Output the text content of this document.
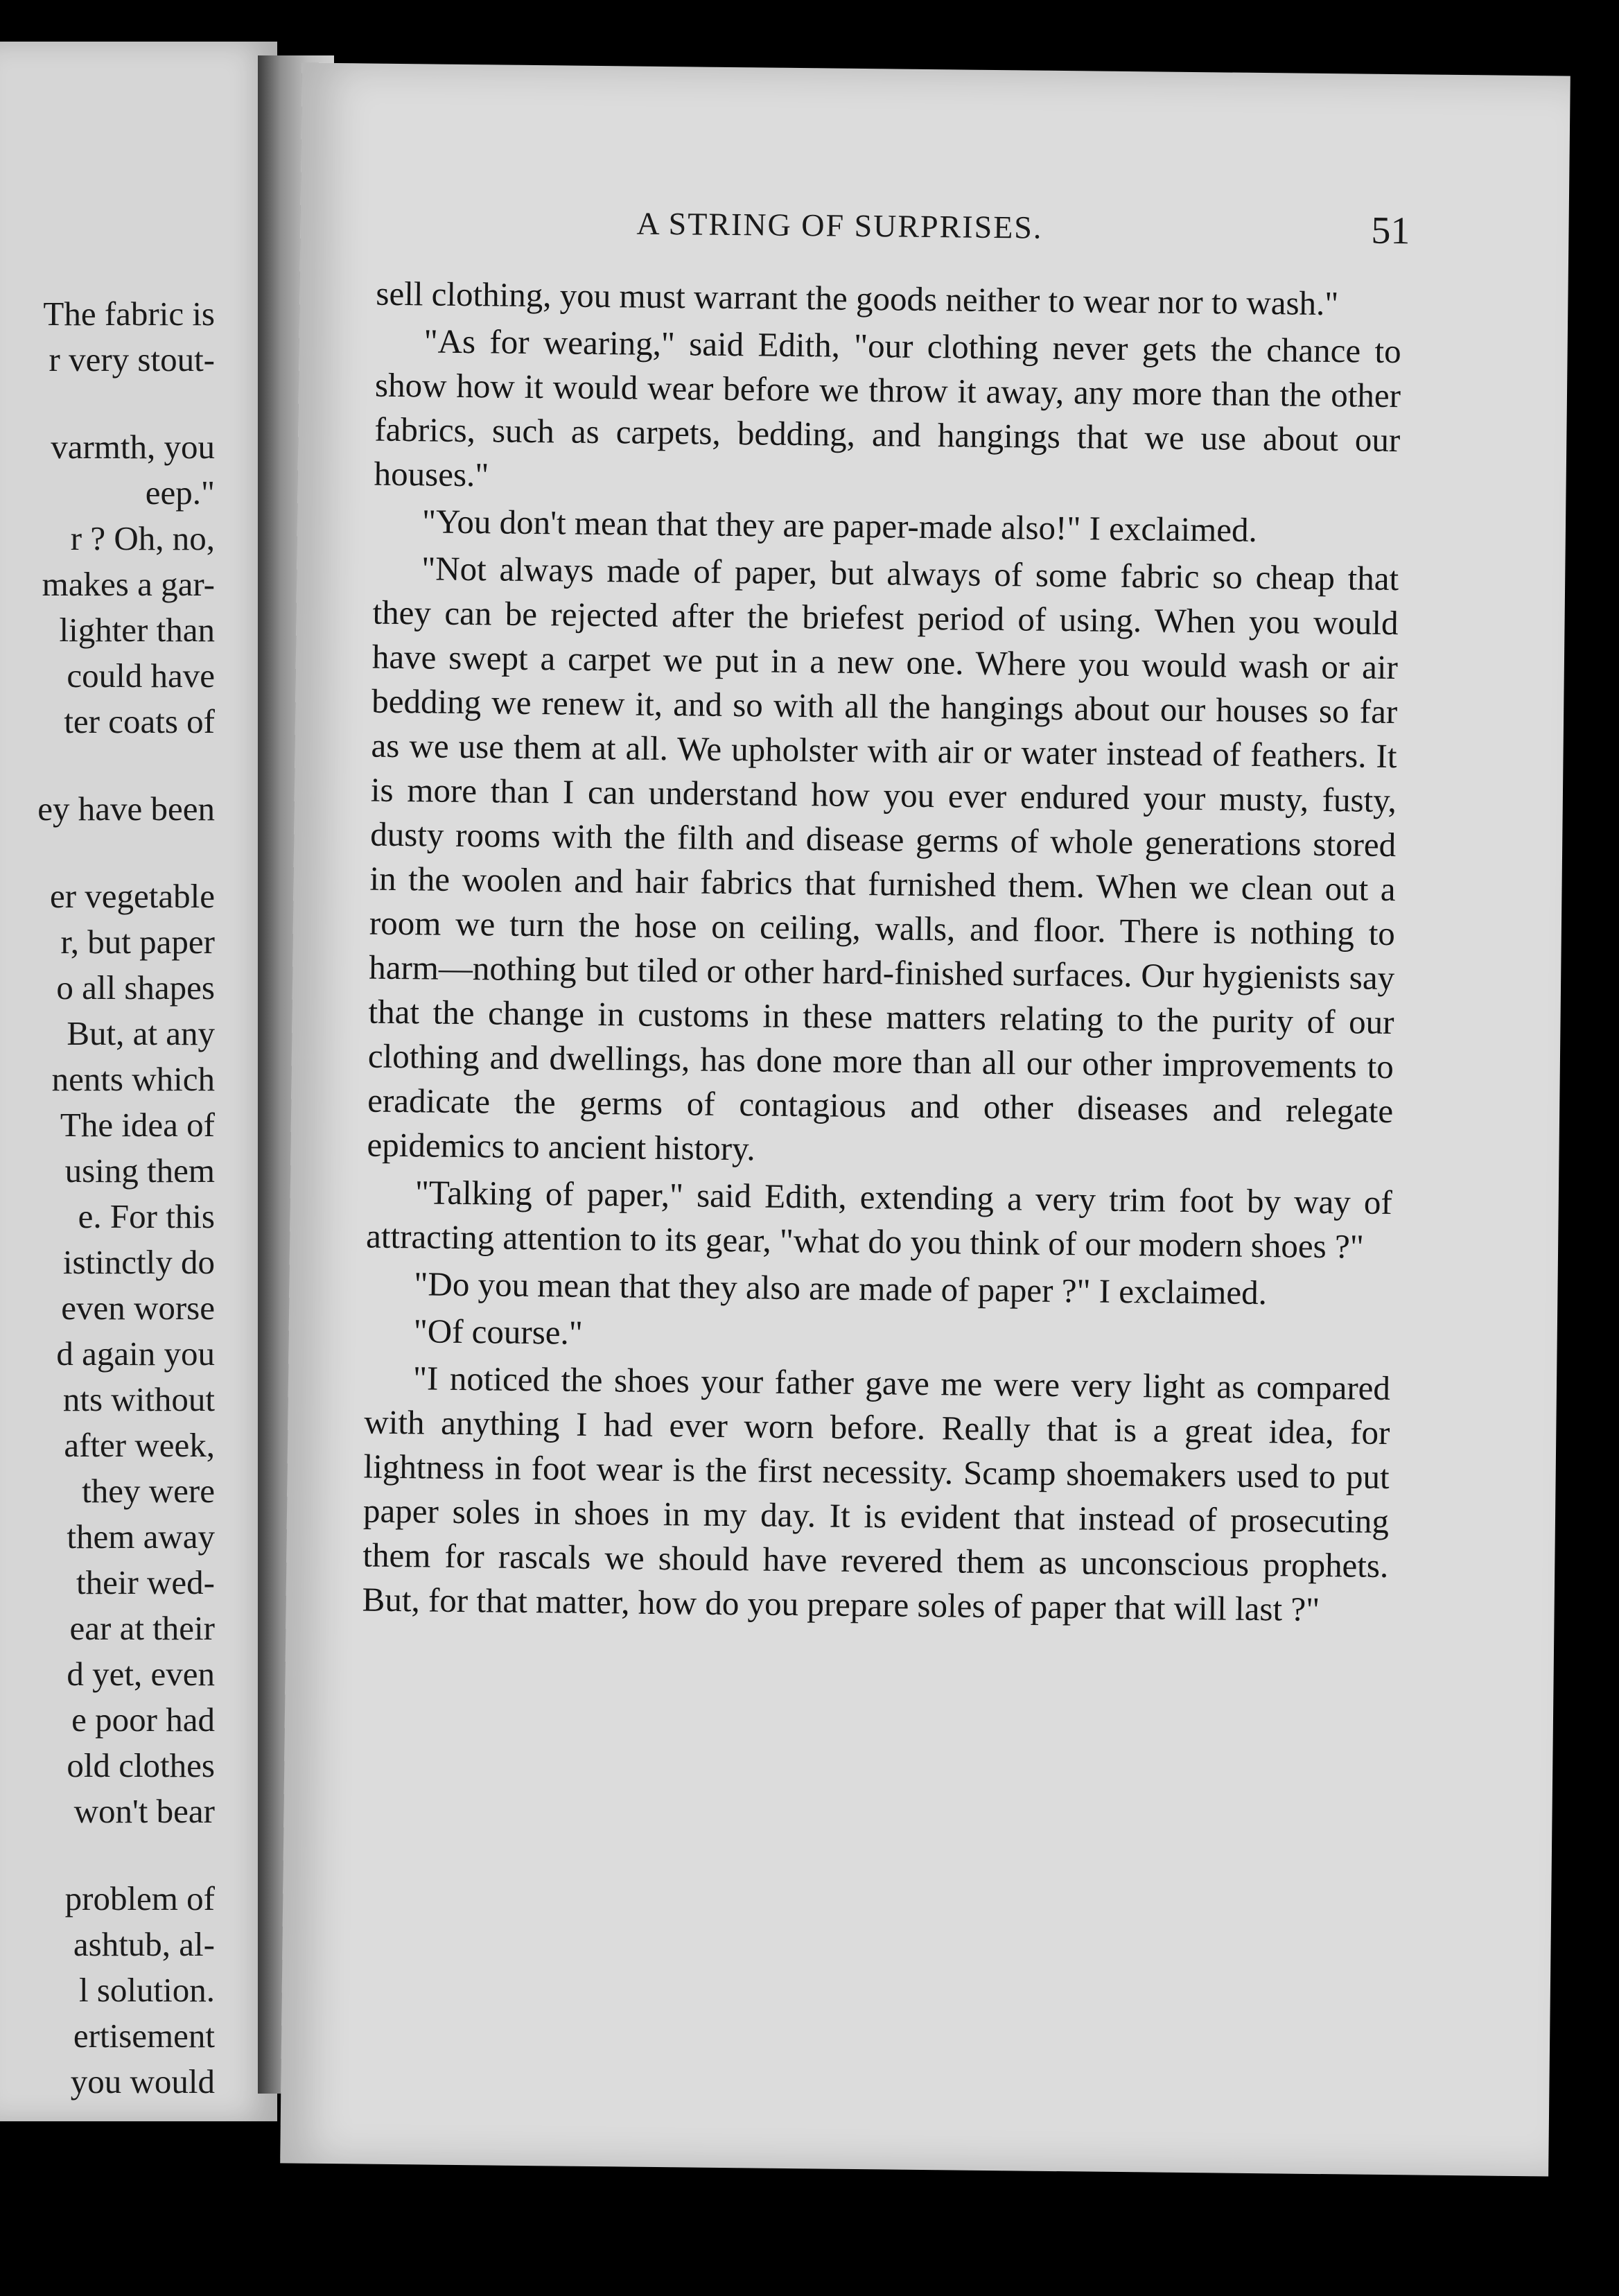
The fabric is
r very stout-
varmth, you
eep."
r ? Oh, no,
makes a gar-
lighter than
could have
ter coats of
ey have been
er vegetable
r, but paper
o all shapes
But, at any
nents which
The idea of
using them
e. For this
istinctly do
even worse
d again you
nts without
after week,
they were
them away
their wed-
ear at their
d yet, even
e poor had
old clothes
won't bear
problem of
ashtub, al-
l solution.
ertisement
you would
A STRING OF SURPRISES.	51

sell clothing, you must warrant the goods neither to wear nor to wash."

"As for wearing," said Edith, "our clothing never gets the chance to show how it would wear before we throw it away, any more than the other fabrics, such as carpets, bedding, and hangings that we use about our houses."

"You don't mean that they are paper-made also!" I exclaimed.

"Not always made of paper, but always of some fabric so cheap that they can be rejected after the briefest period of using. When you would have swept a carpet we put in a new one. Where you would wash or air bedding we renew it, and so with all the hangings about our houses so far as we use them at all. We upholster with air or water instead of feathers. It is more than I can understand how you ever endured your musty, fusty, dusty rooms with the filth and disease germs of whole generations stored in the woolen and hair fabrics that furnished them. When we clean out a room we turn the hose on ceiling, walls, and floor. There is nothing to harm—nothing but tiled or other hard-finished surfaces. Our hygienists say that the change in customs in these matters relating to the purity of our clothing and dwellings, has done more than all our other improvements to eradicate the germs of contagious and other diseases and relegate epidemics to ancient history.

"Talking of paper," said Edith, extending a very trim foot by way of attracting attention to its gear, "what do you think of our modern shoes ?"

"Do you mean that they also are made of paper ?" I exclaimed.

"Of course."

"I noticed the shoes your father gave me were very light as compared with anything I had ever worn before. Really that is a great idea, for lightness in foot wear is the first necessity. Scamp shoemakers used to put paper soles in shoes in my day. It is evident that instead of prosecuting them for rascals we should have revered them as unconscious prophets. But, for that matter, how do you prepare soles of paper that will last ?"
